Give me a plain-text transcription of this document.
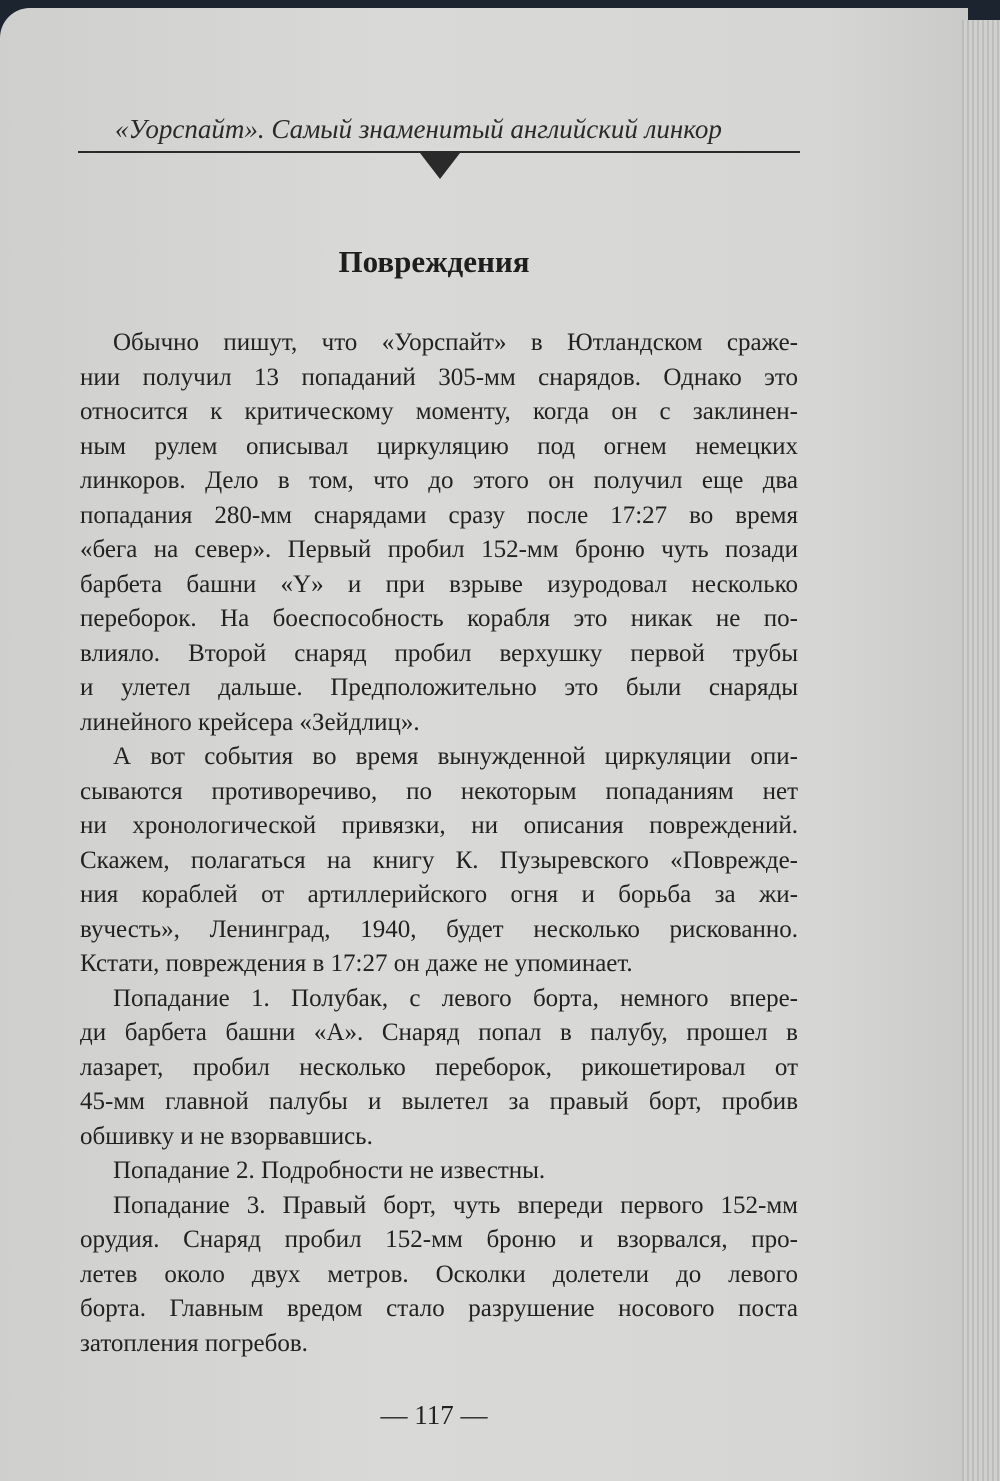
«Уорспайт». Самый знаменитый английский линкор
Повреждения
Обычно пишут, что «Уорспайт» в Ютландском сраже-
нии получил 13 попаданий 305-мм снарядов. Однако это
относится к критическому моменту, когда он с заклинен-
ным рулем описывал циркуляцию под огнем немецких
линкоров. Дело в том, что до этого он получил еще два
попадания 280-мм снарядами сразу после 17:27 во время
«бега на север». Первый пробил 152-мм броню чуть позади
барбета башни «Y» и при взрыве изуродовал несколько
переборок. На боеспособность корабля это никак не по-
влияло. Второй снаряд пробил верхушку первой трубы
и улетел дальше. Предположительно это были снаряды
линейного крейсера «Зейдлиц».
А вот события во время вынужденной циркуляции опи-
сываются противоречиво, по некоторым попаданиям нет
ни хронологической привязки, ни описания повреждений.
Скажем, полагаться на книгу К. Пузыревского «Поврежде-
ния кораблей от артиллерийского огня и борьба за жи-
вучесть», Ленинград, 1940, будет несколько рискованно.
Кстати, повреждения в 17:27 он даже не упоминает.
Попадание 1. Полубак, с левого борта, немного впере-
ди барбета башни «А». Снаряд попал в палубу, прошел в
лазарет, пробил несколько переборок, рикошетировал от
45-мм главной палубы и вылетел за правый борт, пробив
обшивку и не взорвавшись.
Попадание 2. Подробности не известны.
Попадание 3. Правый борт, чуть впереди первого 152-мм
орудия. Снаряд пробил 152-мм броню и взорвался, про-
летев около двух метров. Осколки долетели до левого
борта. Главным вредом стало разрушение носового поста
затопления погребов.
— 117 —
